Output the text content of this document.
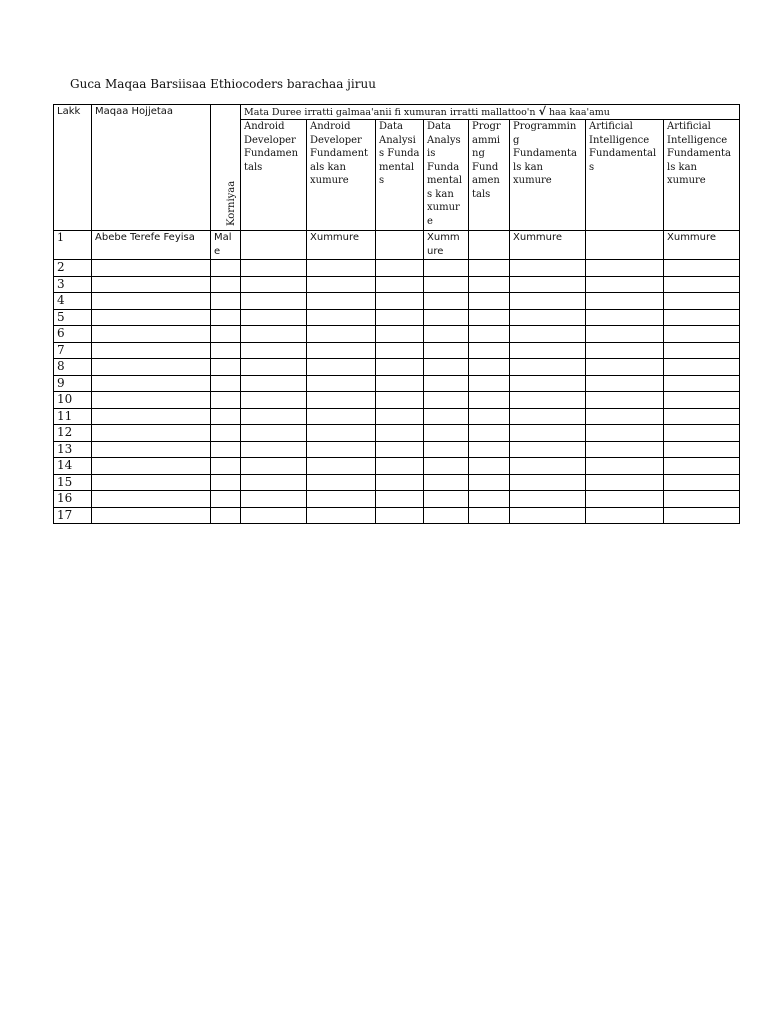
Guca Maqaa Barsiisaa Ethiocoders barachaa jiruu
Lakk	Maqaa Hojjetaa	Korniyaa	Mata Duree irratti galmaa'anii fi xumuran irratti mallattoo'n √ haa kaa'amu							
			Android Developer Fundamen tals	Android Developer Fundament als kan xumure	Data Analysi s Funda mental s	Data Analys is Funda mental s kan xumur e	Progr ammi ng Fund amen tals	Programmin g Fundamenta ls kan xumure	Artificial Intelligence Fundamental s	Artificial Intelligence Fundamenta ls kan xumure
1	Abebe Terefe Feyisa	Mal e		Xummure		Xumm ure		Xummure		Xummure
2										
3										
4										
5										
6										
7										
8										
9										
10										
11										
12										
13										
14										
15										
16										
17										
